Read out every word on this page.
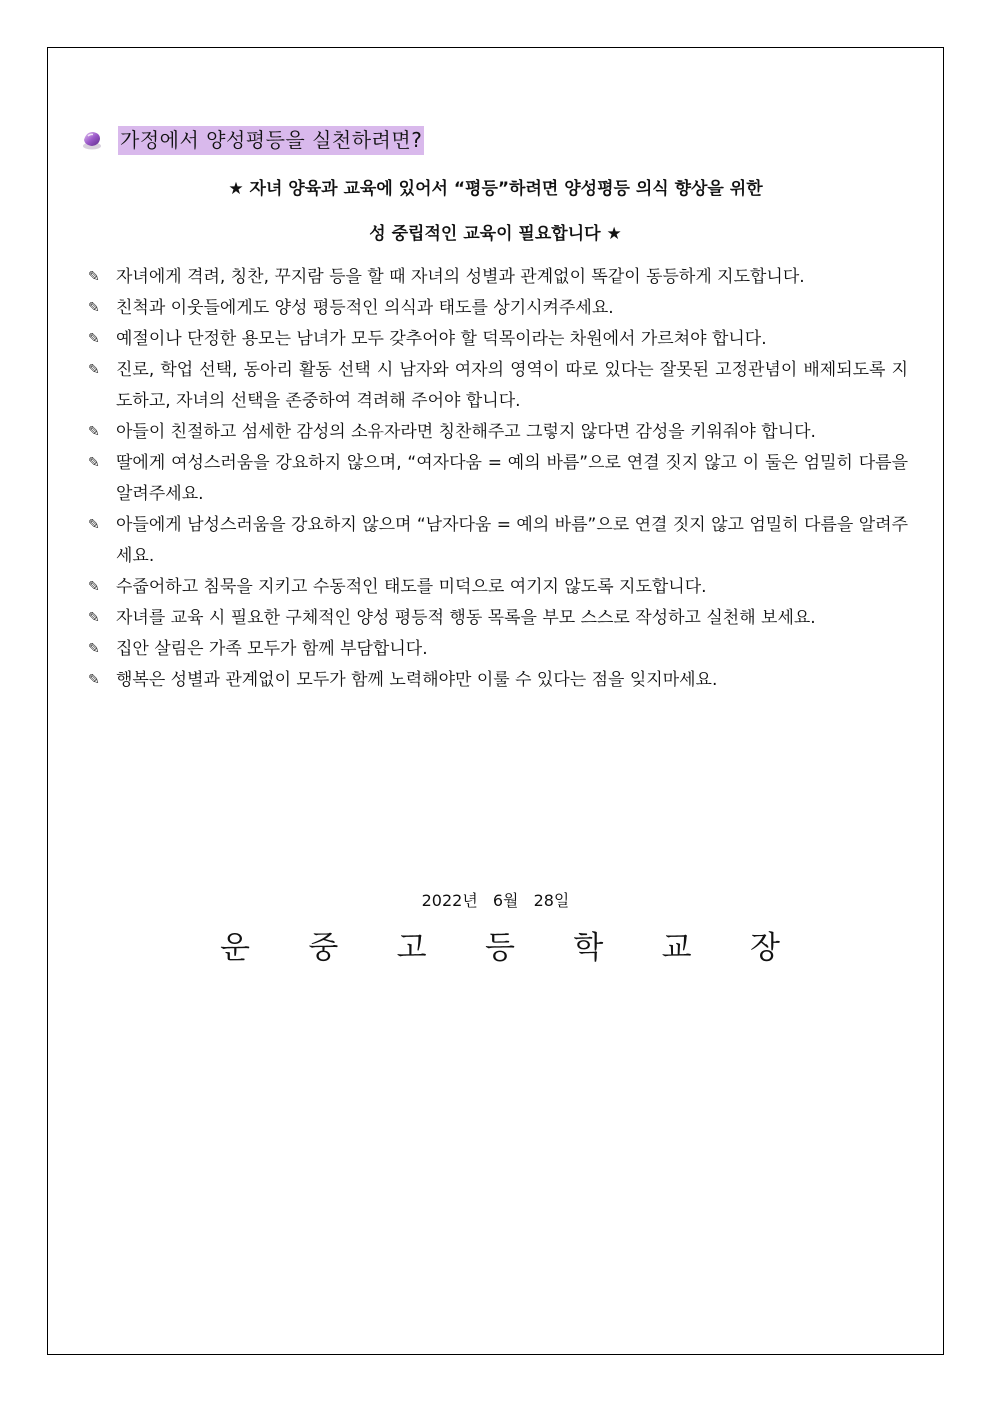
가정에서 양성평등을 실천하려면?
★ 자녀 양육과 교육에 있어서 “평등”하려면 양성평등 의식 향상을 위한
성 중립적인 교육이 필요합니다 ★
✎ 자녀에게 격려, 칭찬, 꾸지람 등을 할 때 자녀의 성별과 관계없이 똑같이 동등하게 지도합니다.
✎ 친척과 이웃들에게도 양성 평등적인 의식과 태도를 상기시켜주세요.
✎ 예절이나 단정한 용모는 남녀가 모두 갖추어야 할 덕목이라는 차원에서 가르쳐야 합니다.
✎ 진로, 학업 선택, 동아리 활동 선택 시 남자와 여자의 영역이 따로 있다는 잘못된 고정관념이 배제되도록 지도하고, 자녀의 선택을 존중하여 격려해 주어야 합니다.
✎ 아들이 친절하고 섬세한 감성의 소유자라면 칭찬해주고 그렇지 않다면 감성을 키워줘야 합니다.
✎ 딸에게 여성스러움을 강요하지 않으며, “여자다움 = 예의 바름”으로 연결 짓지 않고 이 둘은 엄밀히 다름을 알려주세요.
✎ 아들에게 남성스러움을 강요하지 않으며 “남자다움 = 예의 바름”으로 연결 짓지 않고 엄밀히 다름을 알려주세요.
✎ 수줍어하고 침묵을 지키고 수동적인 태도를 미덕으로 여기지 않도록 지도합니다.
✎ 자녀를 교육 시 필요한 구체적인 양성 평등적 행동 목록을 부모 스스로 작성하고 실천해 보세요.
✎ 집안 살림은 가족 모두가 함께 부담합니다.
✎ 행복은 성별과 관계없이 모두가 함께 노력해야만 이룰 수 있다는 점을 잊지마세요.
2022년 6월 28일
운 중 고 등 학 교 장
